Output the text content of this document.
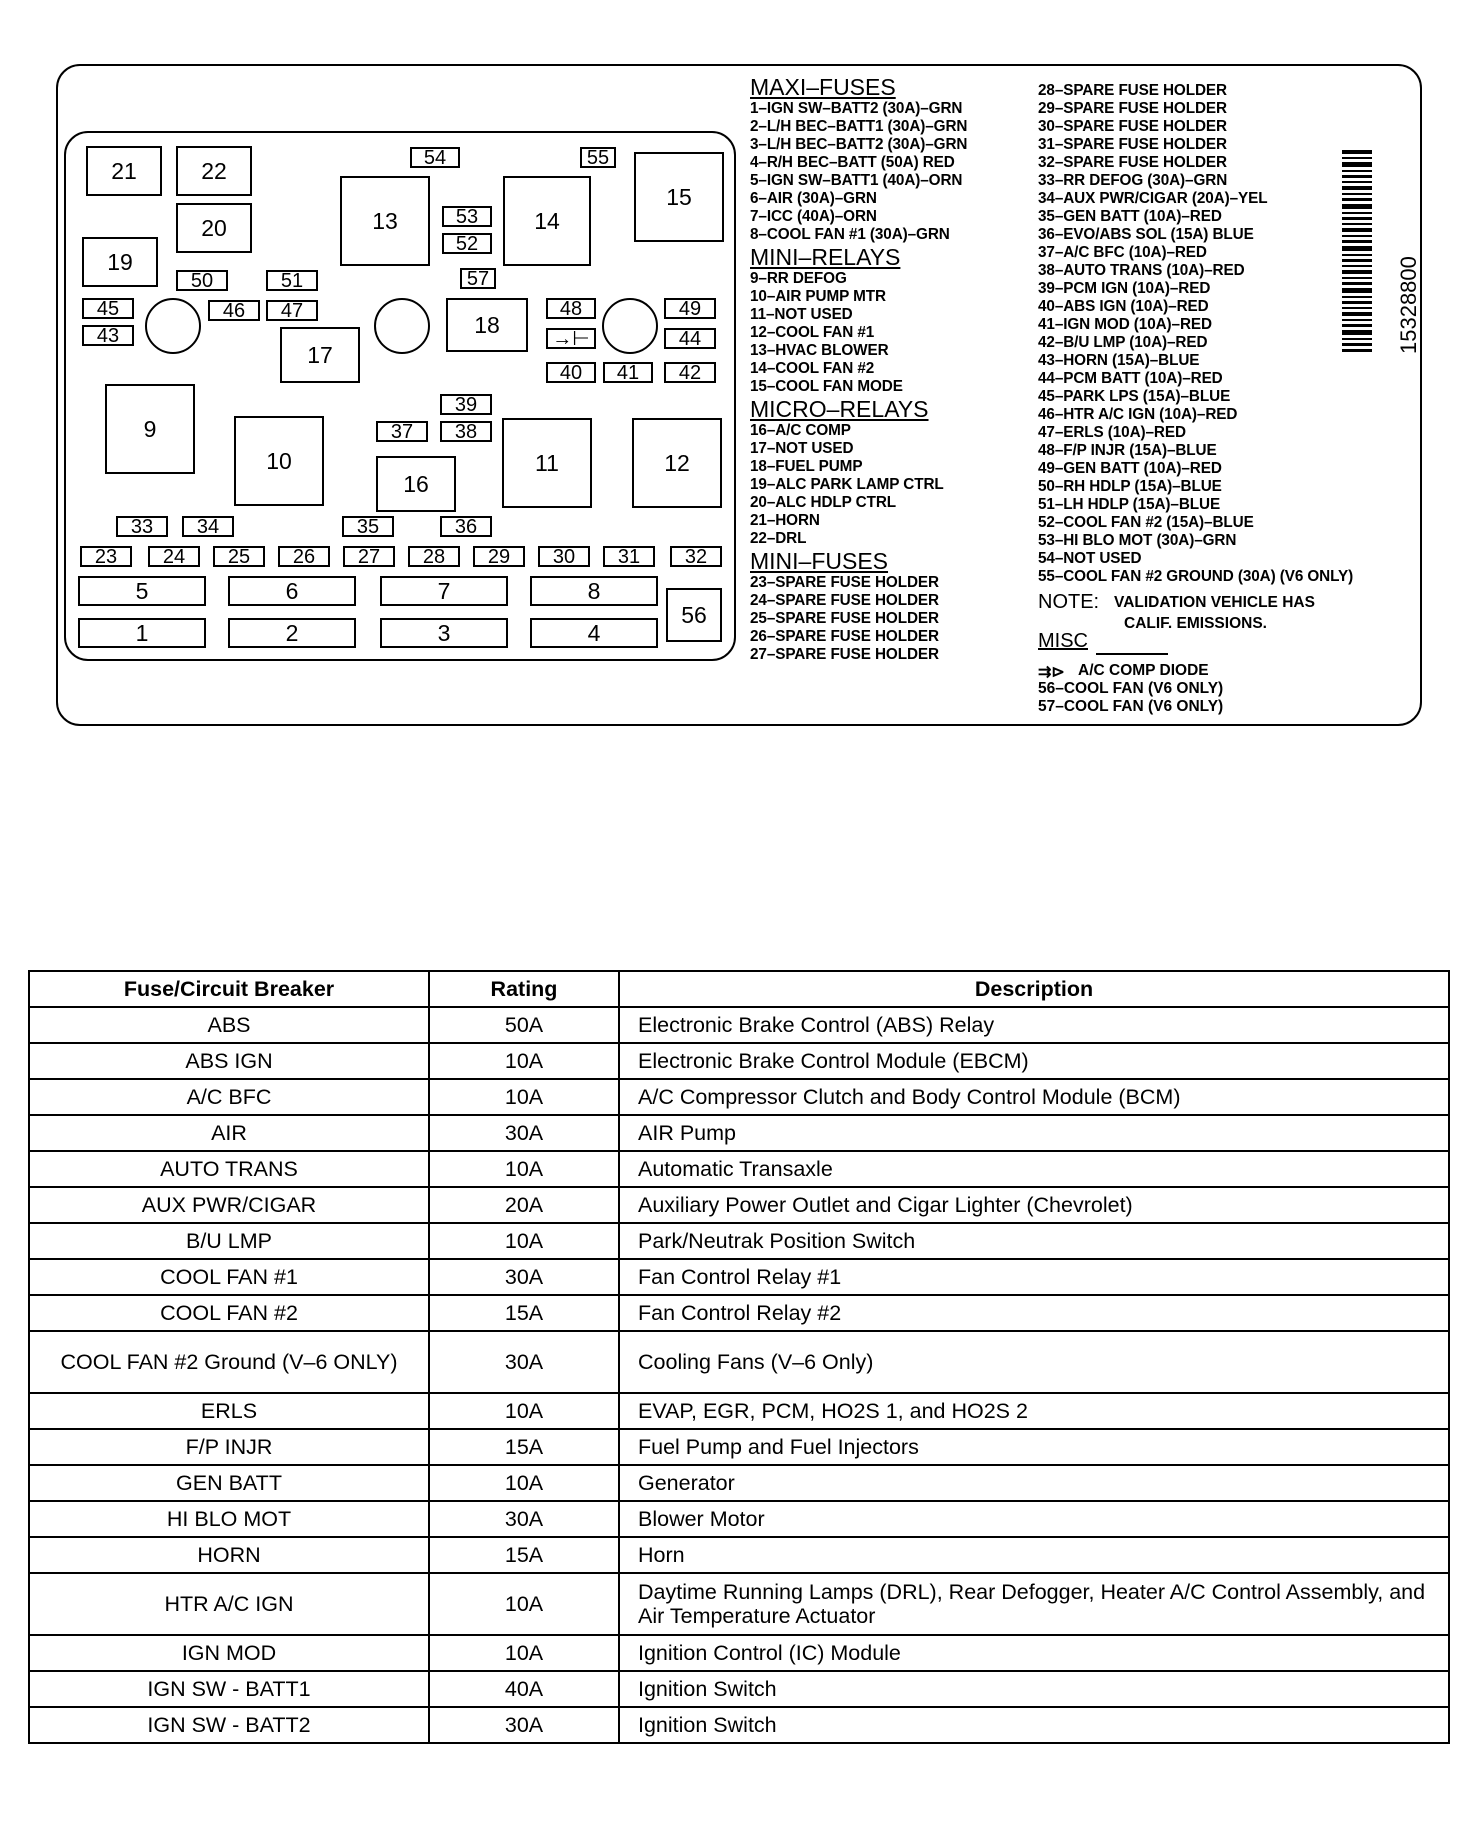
21	22
20
19
13	14
15
18
17
9
10
16
11	12
54	55
53
52
57
50	51
45
43
46	47	48
→⊢
49
44
40	41	42
39
37	38
33	34	35	36
23	24	25	26	27	28	29	30	31	32
5	6	7	8
1	2	3	4
56
MAXI–FUSES
1–IGN SW–BATT2 (30A)–GRN
2–L/H BEC–BATT1 (30A)–GRN
3–L/H BEC–BATT2 (30A)–GRN
4–R/H BEC–BATT (50A) RED
5–IGN SW–BATT1 (40A)–ORN
6–AIR (30A)–GRN
7–ICC (40A)–ORN
8–COOL FAN #1 (30A)–GRN
MINI–RELAYS
9–RR DEFOG
10–AIR PUMP MTR
11–NOT USED
12–COOL FAN #1
13–HVAC BLOWER
14–COOL FAN #2
15–COOL FAN MODE
MICRO–RELAYS
16–A/C COMP
17–NOT USED
18–FUEL PUMP
19–ALC PARK LAMP CTRL
20–ALC HDLP CTRL
21–HORN
22–DRL
MINI–FUSES
23–SPARE FUSE HOLDER
24–SPARE FUSE HOLDER
25–SPARE FUSE HOLDER
26–SPARE FUSE HOLDER
27–SPARE FUSE HOLDER
28–SPARE FUSE HOLDER
29–SPARE FUSE HOLDER
30–SPARE FUSE HOLDER
31–SPARE FUSE HOLDER
32–SPARE FUSE HOLDER
33–RR DEFOG (30A)–GRN
34–AUX PWR/CIGAR (20A)–YEL
35–GEN BATT (10A)–RED
36–EVO/ABS SOL (15A) BLUE
37–A/C BFC (10A)–RED
38–AUTO TRANS (10A)–RED
39–PCM IGN (10A)–RED
40–ABS IGN (10A)–RED
41–IGN MOD (10A)–RED
42–B/U LMP (10A)–RED
43–HORN (15A)–BLUE
44–PCM BATT (10A)–RED
45–PARK LPS (15A)–BLUE
46–HTR A/C IGN (10A)–RED
47–ERLS (10A)–RED
48–F/P INJR (15A)–BLUE
49–GEN BATT (10A)–RED
50–RH HDLP (15A)–BLUE
51–LH HDLP (15A)–BLUE
52–COOL FAN #2 (15A)–BLUE
53–HI BLO MOT (30A)–GRN
54–NOT USED
55–COOL FAN #2 GROUND (30A) (V6 ONLY)
NOTE: VALIDATION VEHICLE HAS
CALIF. EMISSIONS.
MISC
⇉⊳ A/C COMP DIODE
56–COOL FAN (V6 ONLY)
57–COOL FAN (V6 ONLY)
15328800
Fuse/Circuit Breaker	Rating	Description
ABS	50A	Electronic Brake Control (ABS) Relay
ABS IGN	10A	Electronic Brake Control Module (EBCM)
A/C BFC	10A	A/C Compressor Clutch and Body Control Module (BCM)
AIR	30A	AIR Pump
AUTO TRANS	10A	Automatic Transaxle
AUX PWR/CIGAR	20A	Auxiliary Power Outlet and Cigar Lighter (Chevrolet)
B/U LMP	10A	Park/Neutrak Position Switch
COOL FAN #1	30A	Fan Control Relay #1
COOL FAN #2	15A	Fan Control Relay #2
COOL FAN #2 Ground (V–6 ONLY)	30A	Cooling Fans (V–6 Only)
ERLS	10A	EVAP, EGR, PCM, HO2S 1, and HO2S 2
F/P INJR	15A	Fuel Pump and Fuel Injectors
GEN BATT	10A	Generator
HI BLO MOT	30A	Blower Motor
HORN	15A	Horn
HTR A/C IGN	10A	Daytime Running Lamps (DRL), Rear Defogger, Heater A/C Control Assembly, and Air Temperature Actuator
IGN MOD	10A	Ignition Control (IC) Module
IGN SW - BATT1	40A	Ignition Switch
IGN SW - BATT2	30A	Ignition Switch
